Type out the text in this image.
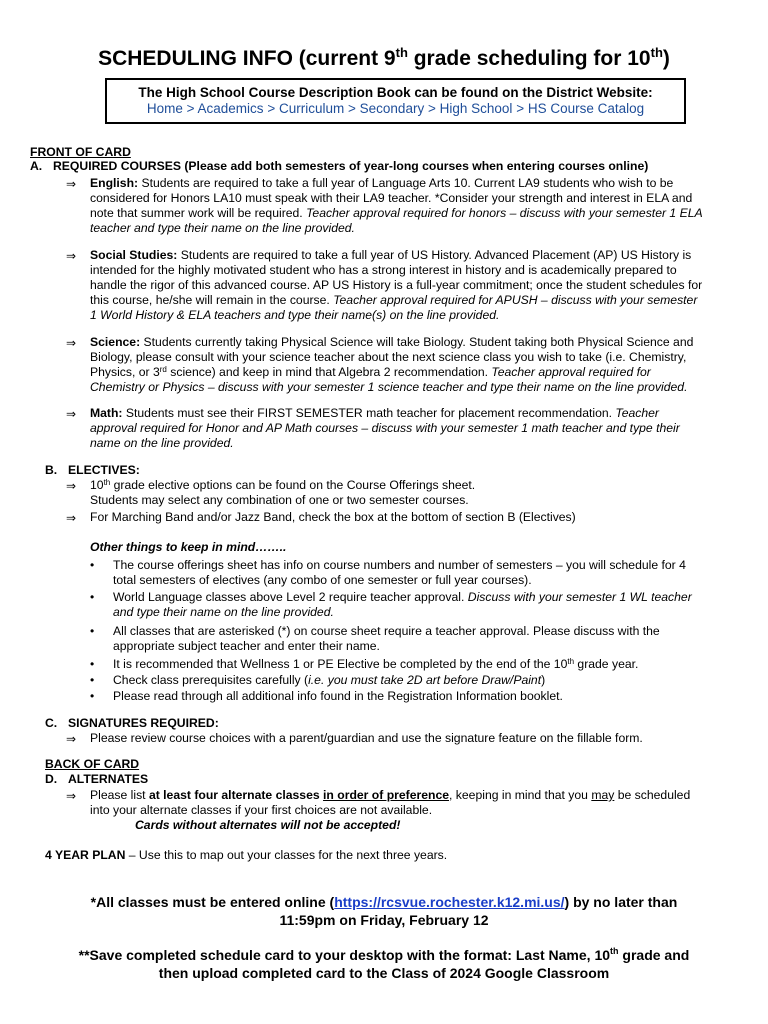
SCHEDULING INFO (current 9th grade scheduling for 10th)
The High School Course Description Book can be found on the District Website:
Home > Academics > Curriculum > Secondary > High School > HS Course Catalog
FRONT OF CARD
A. REQUIRED COURSES (Please add both semesters of year-long courses when entering courses online)
⇒ English: Students are required to take a full year of Language Arts 10. Current LA9 students who wish to be
considered for Honors LA10 must speak with their LA9 teacher. *Consider your strength and interest in ELA and
note that summer work will be required. Teacher approval required for honors – discuss with your semester 1 ELA
teacher and type their name on the line provided.
⇒ Social Studies: Students are required to take a full year of US History. Advanced Placement (AP) US History is
intended for the highly motivated student who has a strong interest in history and is academically prepared to
handle the rigor of this advanced course. AP US History is a full-year commitment; once the student schedules for
this course, he/she will remain in the course. Teacher approval required for APUSH – discuss with your semester
1 World History & ELA teachers and type their name(s) on the line provided.
⇒ Science: Students currently taking Physical Science will take Biology. Student taking both Physical Science and
Biology, please consult with your science teacher about the next science class you wish to take (i.e. Chemistry,
Physics, or 3rd science) and keep in mind that Algebra 2 recommendation. Teacher approval required for
Chemistry or Physics – discuss with your semester 1 science teacher and type their name on the line provided.
⇒ Math: Students must see their FIRST SEMESTER math teacher for placement recommendation. Teacher
approval required for Honor and AP Math courses – discuss with your semester 1 math teacher and type their
name on the line provided.
B. ELECTIVES:
⇒ 10th grade elective options can be found on the Course Offerings sheet.
Students may select any combination of one or two semester courses.
⇒ For Marching Band and/or Jazz Band, check the box at the bottom of section B (Electives)
Other things to keep in mind……..
• The course offerings sheet has info on course numbers and number of semesters – you will schedule for 4
total semesters of electives (any combo of one semester or full year courses).
• World Language classes above Level 2 require teacher approval. Discuss with your semester 1 WL teacher
and type their name on the line provided.
• All classes that are asterisked (*) on course sheet require a teacher approval. Please discuss with the
appropriate subject teacher and enter their name.
• It is recommended that Wellness 1 or PE Elective be completed by the end of the 10th grade year.
• Check class prerequisites carefully (i.e. you must take 2D art before Draw/Paint)
• Please read through all additional info found in the Registration Information booklet.
C. SIGNATURES REQUIRED:
⇒ Please review course choices with a parent/guardian and use the signature feature on the fillable form.
BACK OF CARD
D. ALTERNATES
⇒ Please list at least four alternate classes in order of preference, keeping in mind that you may be scheduled
into your alternate classes if your first choices are not available.
Cards without alternates will not be accepted!
4 YEAR PLAN – Use this to map out your classes for the next three years.
*All classes must be entered online (https://rcsvue.rochester.k12.mi.us/) by no later than
11:59pm on Friday, February 12
**Save completed schedule card to your desktop with the format: Last Name, 10th grade and
then upload completed card to the Class of 2024 Google Classroom
